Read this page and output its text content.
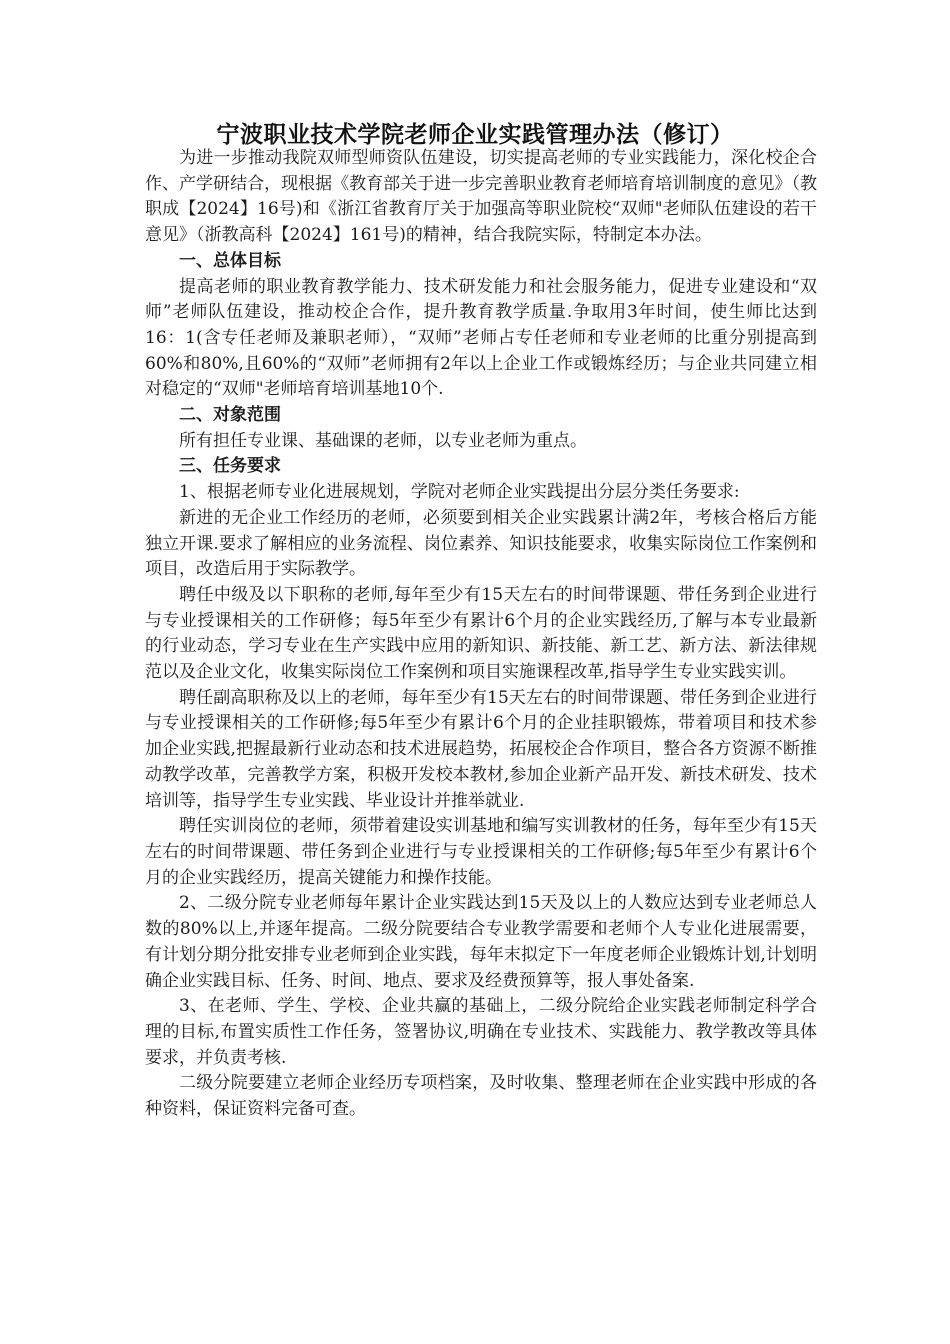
宁波职业技术学院老师企业实践管理办法（修订）

为进一步推动我院双师型师资队伍建设，切实提高老师的专业实践能力，深化校企合作、产学研结合，现根据《教育部关于进一步完善职业教育老师培育培训制度的意见》（教职成【2024】16号)和《浙江省教育厅关于加强高等职业院校“双师"老师队伍建设的若干意见》（浙教高科【2024】161号)的精神，结合我院实际，特制定本办法。

一、总体目标

提高老师的职业教育教学能力、技术研发能力和社会服务能力，促进专业建设和“双师”老师队伍建设，推动校企合作，提升教育教学质量.争取用3年时间，使生师比达到16：1(含专任老师及兼职老师），“双师”老师占专任老师和专业老师的比重分别提高到60%和80%,且60%的“双师”老师拥有2年以上企业工作或锻炼经历；与企业共同建立相对稳定的“双师"老师培育培训基地10个.

二、对象范围

所有担任专业课、基础课的老师，以专业老师为重点。

三、任务要求

1、根据老师专业化进展规划，学院对老师企业实践提出分层分类任务要求:

新进的无企业工作经历的老师，必须要到相关企业实践累计满2年，考核合格后方能独立开课.要求了解相应的业务流程、岗位素养、知识技能要求，收集实际岗位工作案例和项目，改造后用于实际教学。

聘任中级及以下职称的老师,每年至少有15天左右的时间带课题、带任务到企业进行与专业授课相关的工作研修；每5年至少有累计6个月的企业实践经历,了解与本专业最新的行业动态，学习专业在生产实践中应用的新知识、新技能、新工艺、新方法、新法律规范以及企业文化，收集实际岗位工作案例和项目实施课程改革,指导学生专业实践实训。

聘任副高职称及以上的老师，每年至少有15天左右的时间带课题、带任务到企业进行与专业授课相关的工作研修;每5年至少有累计6个月的企业挂职锻炼，带着项目和技术参加企业实践,把握最新行业动态和技术进展趋势，拓展校企合作项目，整合各方资源不断推动教学改革，完善教学方案，积极开发校本教材,参加企业新产品开发、新技术研发、技术培训等，指导学生专业实践、毕业设计并推举就业.

聘任实训岗位的老师，须带着建设实训基地和编写实训教材的任务，每年至少有15天左右的时间带课题、带任务到企业进行与专业授课相关的工作研修;每5年至少有累计6个月的企业实践经历，提高关键能力和操作技能。

2、二级分院专业老师每年累计企业实践达到15天及以上的人数应达到专业老师总人数的80%以上,并逐年提高。二级分院要结合专业教学需要和老师个人专业化进展需要，有计划分期分批安排专业老师到企业实践，每年末拟定下一年度老师企业锻炼计划,计划明确企业实践目标、任务、时间、地点、要求及经费预算等，报人事处备案.

3、在老师、学生、学校、企业共赢的基础上，二级分院给企业实践老师制定科学合理的目标,布置实质性工作任务，签署协议,明确在专业技术、实践能力、教学教改等具体要求，并负责考核.

二级分院要建立老师企业经历专项档案，及时收集、整理老师在企业实践中形成的各种资料，保证资料完备可查。
